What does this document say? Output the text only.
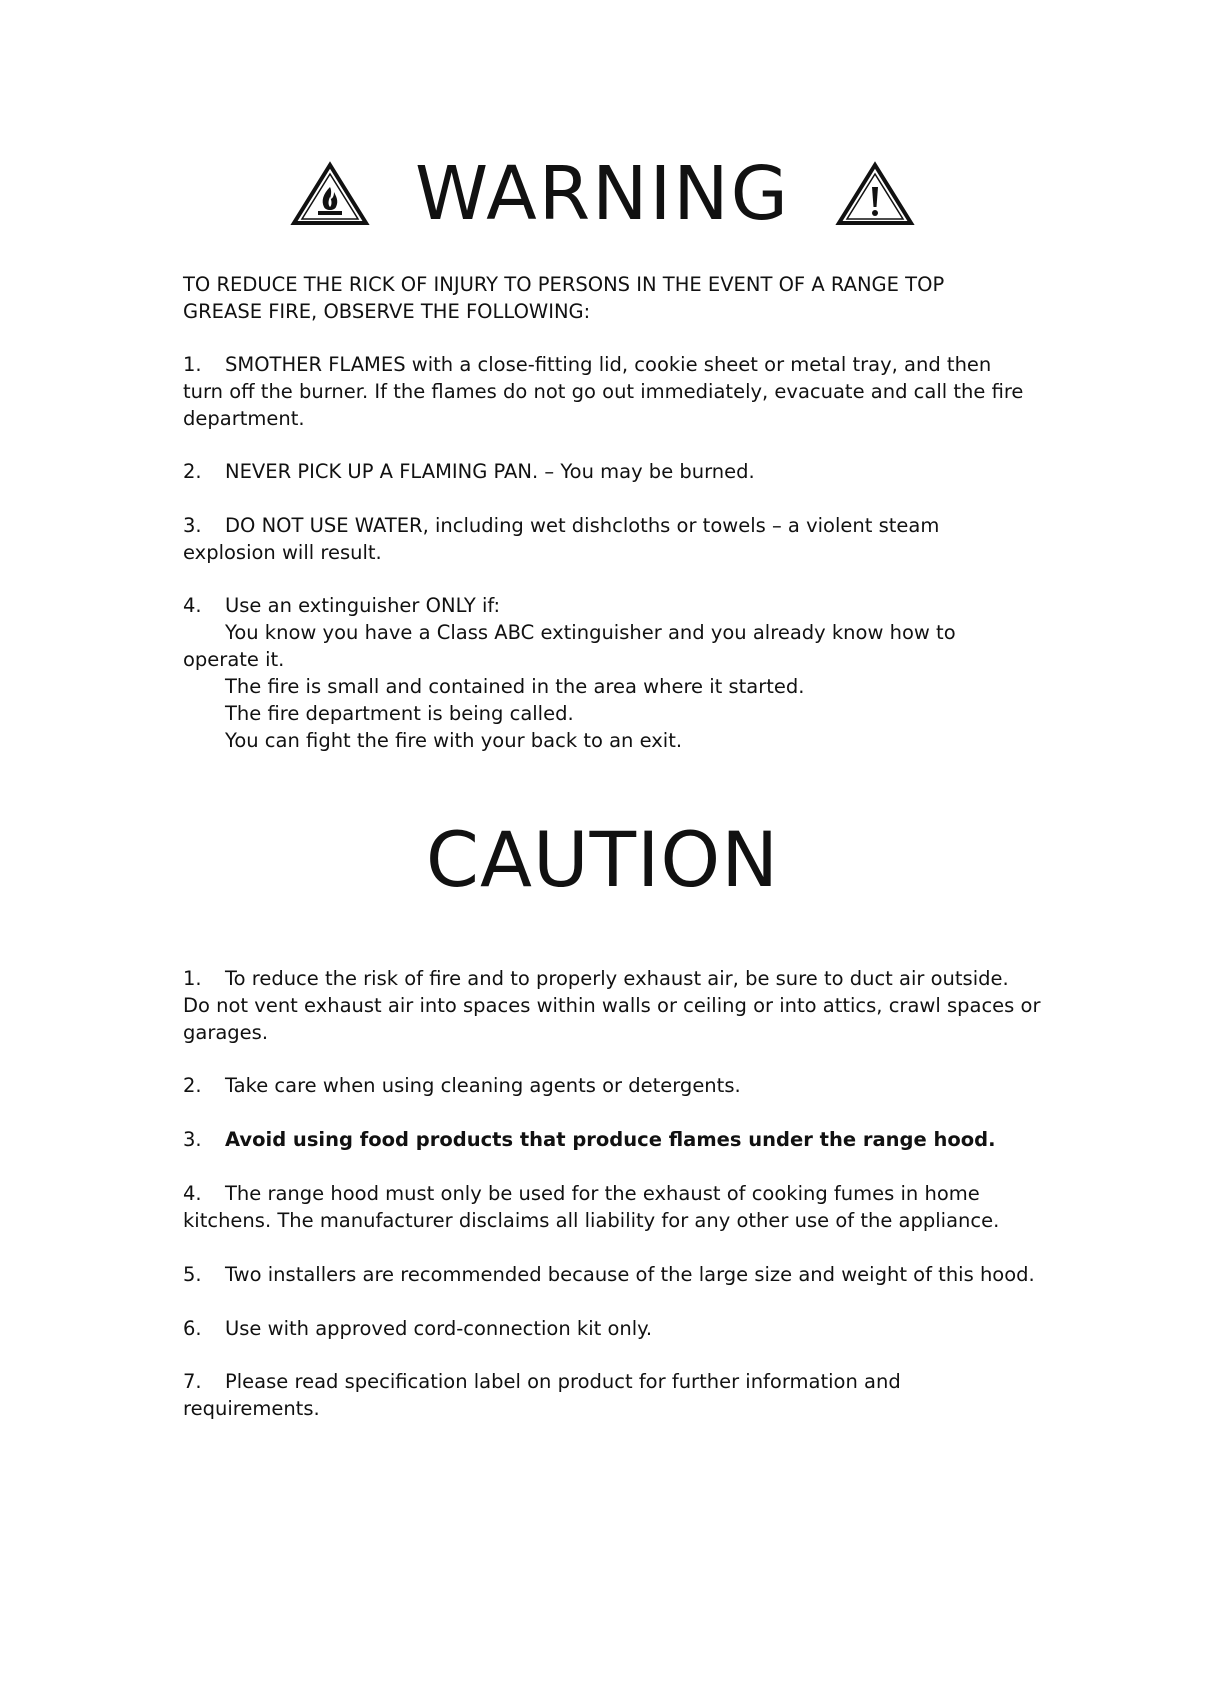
WARNING
TO REDUCE THE RICK OF INJURY TO PERSONS IN THE EVENT OF A RANGE TOP
GREASE FIRE, OBSERVE THE FOLLOWING:
1. SMOTHER FLAMES with a close-fitting lid, cookie sheet or metal tray, and then
turn off the burner. If the flames do not go out immediately, evacuate and call the fire
department.
2. NEVER PICK UP A FLAMING PAN. – You may be burned.
3. DO NOT USE WATER, including wet dishcloths or towels – a violent steam
explosion will result.
4. Use an extinguisher ONLY if:
You know you have a Class ABC extinguisher and you already know how to
operate it.
The fire is small and contained in the area where it started.
The fire department is being called.
You can fight the fire with your back to an exit.
CAUTION
1. To reduce the risk of fire and to properly exhaust air, be sure to duct air outside.
Do not vent exhaust air into spaces within walls or ceiling or into attics, crawl spaces or
garages.
2. Take care when using cleaning agents or detergents.
3. Avoid using food products that produce flames under the range hood.
4. The range hood must only be used for the exhaust of cooking fumes in home
kitchens. The manufacturer disclaims all liability for any other use of the appliance.
5. Two installers are recommended because of the large size and weight of this hood.
6. Use with approved cord-connection kit only.
7. Please read specification label on product for further information and
requirements.
